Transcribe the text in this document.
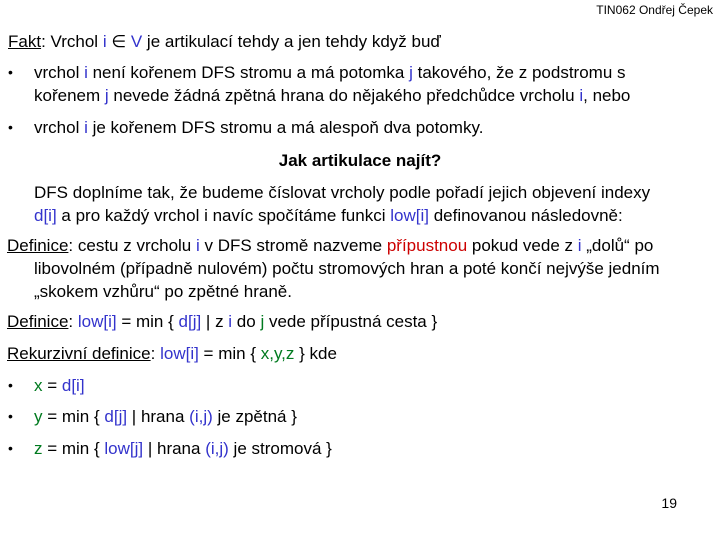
TIN062 Ondřej Čepek
Fakt: Vrchol i ∈ V je artikulací tehdy a jen tehdy když buď
• vrchol i není kořenem DFS stromu a má potomka j takového, že z podstromu s
kořenem j nevede žádná zpětná hrana do nějakého předchůdce vrcholu i, nebo
• vrchol i je kořenem DFS stromu a má alespoň dva potomky.
Jak artikulace najít?
DFS doplníme tak, že budeme číslovat vrcholy podle pořadí jejich objevení indexy
d[i] a pro každý vrchol i navíc spočítáme funkci low[i] definovanou následovně:
Definice: cestu z vrcholu i v DFS stromě nazveme přípustnou pokud vede z i „dolů“ po
libovolném (případně nulovém) počtu stromových hran a poté končí nejvýše jedním
„skokem vzhůru“ po zpětné hraně.
Definice: low[i] = min { d[j] | z i do j vede přípustná cesta }
Rekurzivní definice: low[i] = min { x,y,z } kde
• x = d[i]
• y = min { d[j] | hrana (i,j) je zpětná }
• z = min { low[j] | hrana (i,j) je stromová }
19
